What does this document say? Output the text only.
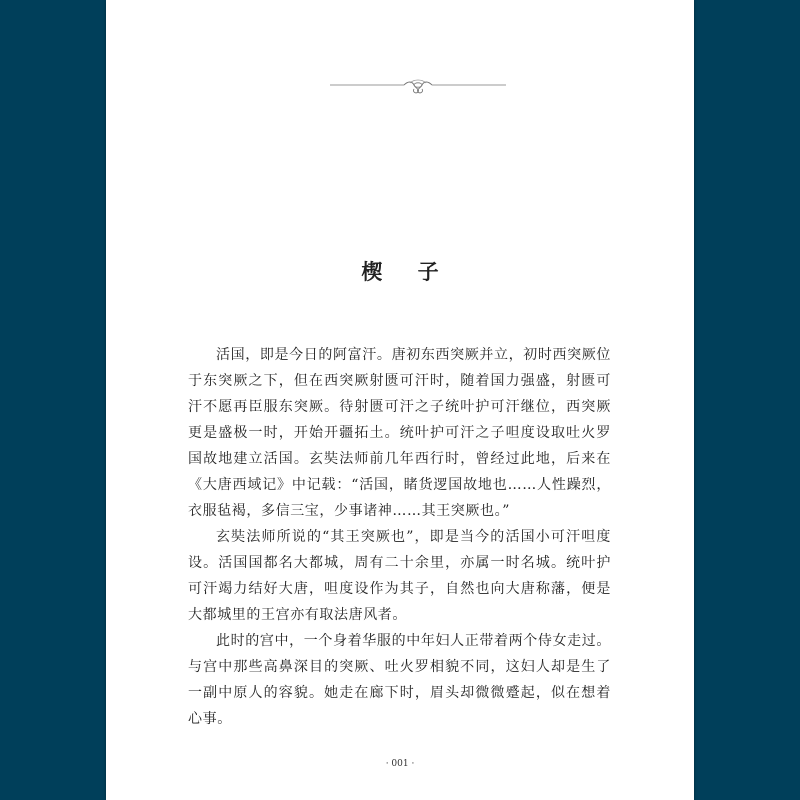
楔 子

活国，即是今日的阿富汗。唐初东西突厥并立，初时西突厥位于东突厥之下，但在西突厥射匮可汗时，随着国力强盛，射匮可汗不愿再臣服东突厥。待射匮可汗之子统叶护可汗继位，西突厥更是盛极一时，开始开疆拓土。统叶护可汗之子呾度设取吐火罗国故地建立活国。玄奘法师前几年西行时，曾经过此地，后来在《大唐西域记》中记载：“活国，睹货逻国故地也……人性躁烈，衣服毡褐，多信三宝，少事诸神……其王突厥也。”

玄奘法师所说的“其王突厥也”，即是当今的活国小可汗呾度设。活国国都名大都城，周有二十余里，亦属一时名城。统叶护可汗竭力结好大唐，呾度设作为其子，自然也向大唐称藩，便是大都城里的王宫亦有取法唐风者。

此时的宫中，一个身着华服的中年妇人正带着两个侍女走过。与宫中那些高鼻深目的突厥、吐火罗相貌不同，这妇人却是生了一副中原人的容貌。她走在廊下时，眉头却微微蹙起，似在想着心事。

· 001 ·
